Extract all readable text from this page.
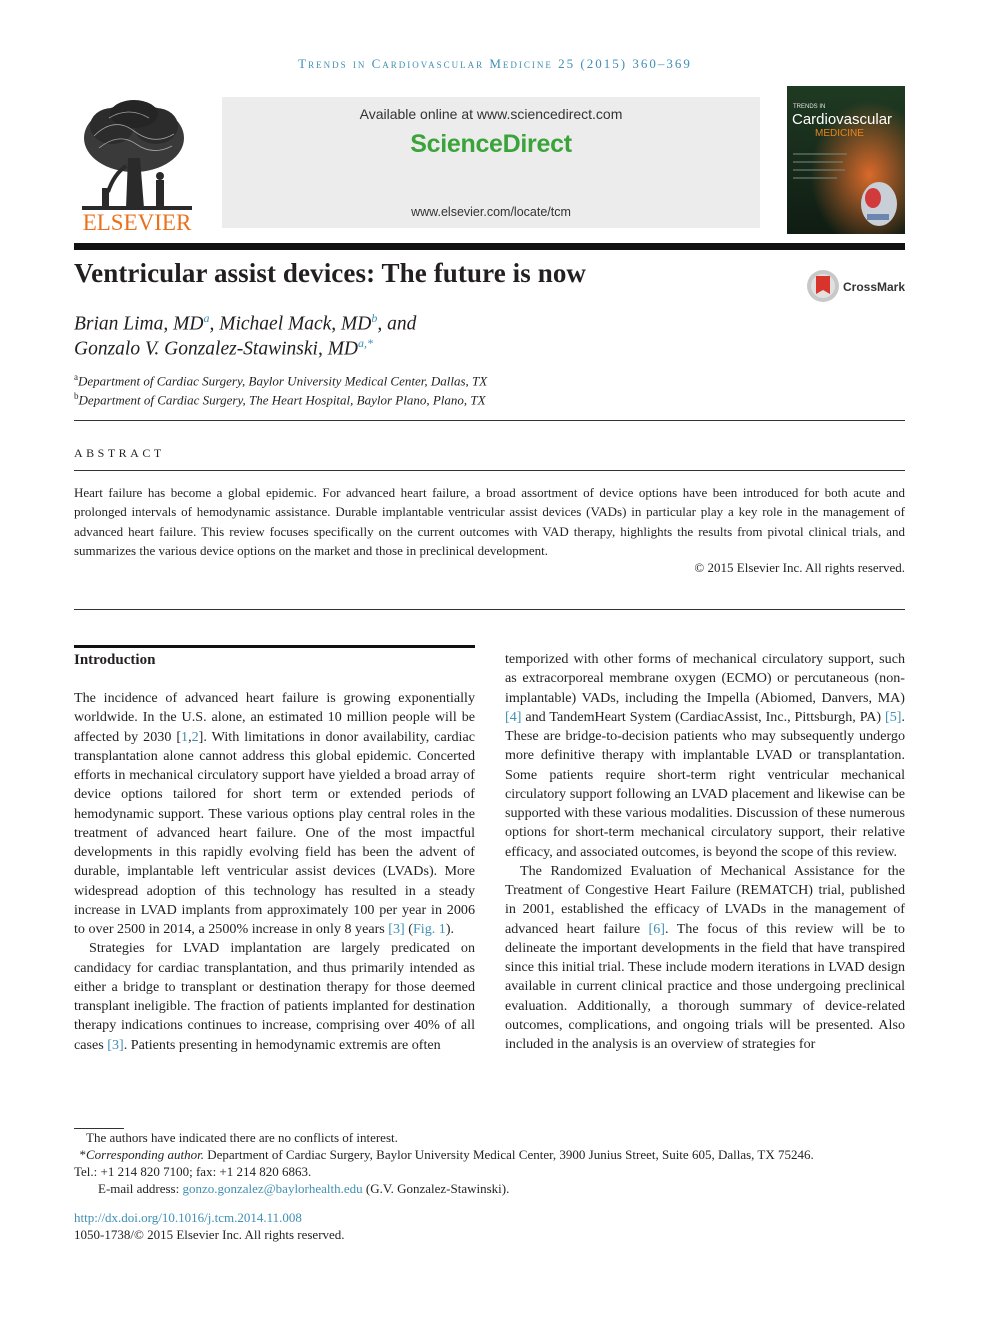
Trends in Cardiovascular Medicine 25 (2015) 360–369
ELSEVIER
Available online at www.sciencedirect.com
ScienceDirect
www.elsevier.com/locate/tcm
TRENDS IN
Cardiovascular
MEDICINE
Ventricular assist devices: The future is now	CrossMark
Brian Lima, $MD^a$, Michael Mack, $MD^b$, and
Gonzalo V. Gonzalez-Stawinski, $MD^{a,*}$
$^a$Department of Cardiac Surgery, Baylor University Medical Center, Dallas, TX
$^b$Department of Cardiac Surgery, The Heart Hospital, Baylor Plano, Plano, TX
ABSTRACT
Heart failure has become a global epidemic. For advanced heart failure, a broad assortment of device options have been introduced for both acute and prolonged intervals of hemodynamic assistance. Durable implantable ventricular assist devices (VADs) in particular play a key role in the management of advanced heart failure. This review focuses specifically on the current outcomes with VAD therapy, highlights the results from pivotal clinical trials, and summarizes the various device options on the market and those in preclinical development.
© 2015 Elsevier Inc. All rights reserved.
Introduction

The incidence of advanced heart failure is growing exponentially worldwide. In the U.S. alone, an estimated 10 million people will be affected by 2030 [1,2]. With limitations in donor availability, cardiac transplantation alone cannot address this global epidemic. Concerted efforts in mechanical circulatory support have yielded a broad array of device options tailored for short term or extended periods of hemodynamic support. These various options play central roles in the treatment of advanced heart failure. One of the most impactful developments in this rapidly evolving field has been the advent of durable, implantable left ventricular assist devices (LVADs). More widespread adoption of this technology has resulted in a steady increase in LVAD implants from approximately 100 per year in 2006 to over 2500 in 2014, a 2500% increase in only 8 years [3] (Fig. 1).

Strategies for LVAD implantation are largely predicated on candidacy for cardiac transplantation, and thus primarily intended as either a bridge to transplant or destination therapy for those deemed transplant ineligible. The fraction of patients implanted for destination therapy indications continues to increase, comprising over 40% of all cases [3]. Patients presenting in hemodynamic extremis are often

temporized with other forms of mechanical circulatory support, such as extracorporeal membrane oxygen (ECMO) or percutaneous (non-implantable) VADs, including the Impella (Abiomed, Danvers, MA) [4] and TandemHeart System (CardiacAssist, Inc., Pittsburgh, PA) [5]. These are bridge-to-decision patients who may subsequently undergo more definitive therapy with implantable LVAD or transplantation. Some patients require short-term right ventricular mechanical circulatory support following an LVAD placement and likewise can be supported with these various modalities. Discussion of these numerous options for short-term mechanical circulatory support, their relative efficacy, and associated outcomes, is beyond the scope of this review.

The Randomized Evaluation of Mechanical Assistance for the Treatment of Congestive Heart Failure (REMATCH) trial, published in 2001, established the efficacy of LVADs in the management of advanced heart failure [6]. The focus of this review will be to delineate the important developments in the field that have transpired since this initial trial. These include modern iterations in LVAD design available in current clinical practice and those undergoing preclinical evaluation. Additionally, a thorough summary of device-related outcomes, complications, and ongoing trials will be presented. Also included in the analysis is an overview of strategies for

The authors have indicated there are no conflicts of interest.
*Corresponding author. Department of Cardiac Surgery, Baylor University Medical Center, 3900 Junius Street, Suite 605, Dallas, TX 75246.
Tel.: +1 214 820 7100; fax: +1 214 820 6863.
E-mail address: gonzo.gonzalez@baylorhealth.edu (G.V. Gonzalez-Stawinski).
http://dx.doi.org/10.1016/j.tcm.2014.11.008
1050-1738/© 2015 Elsevier Inc. All rights reserved.
